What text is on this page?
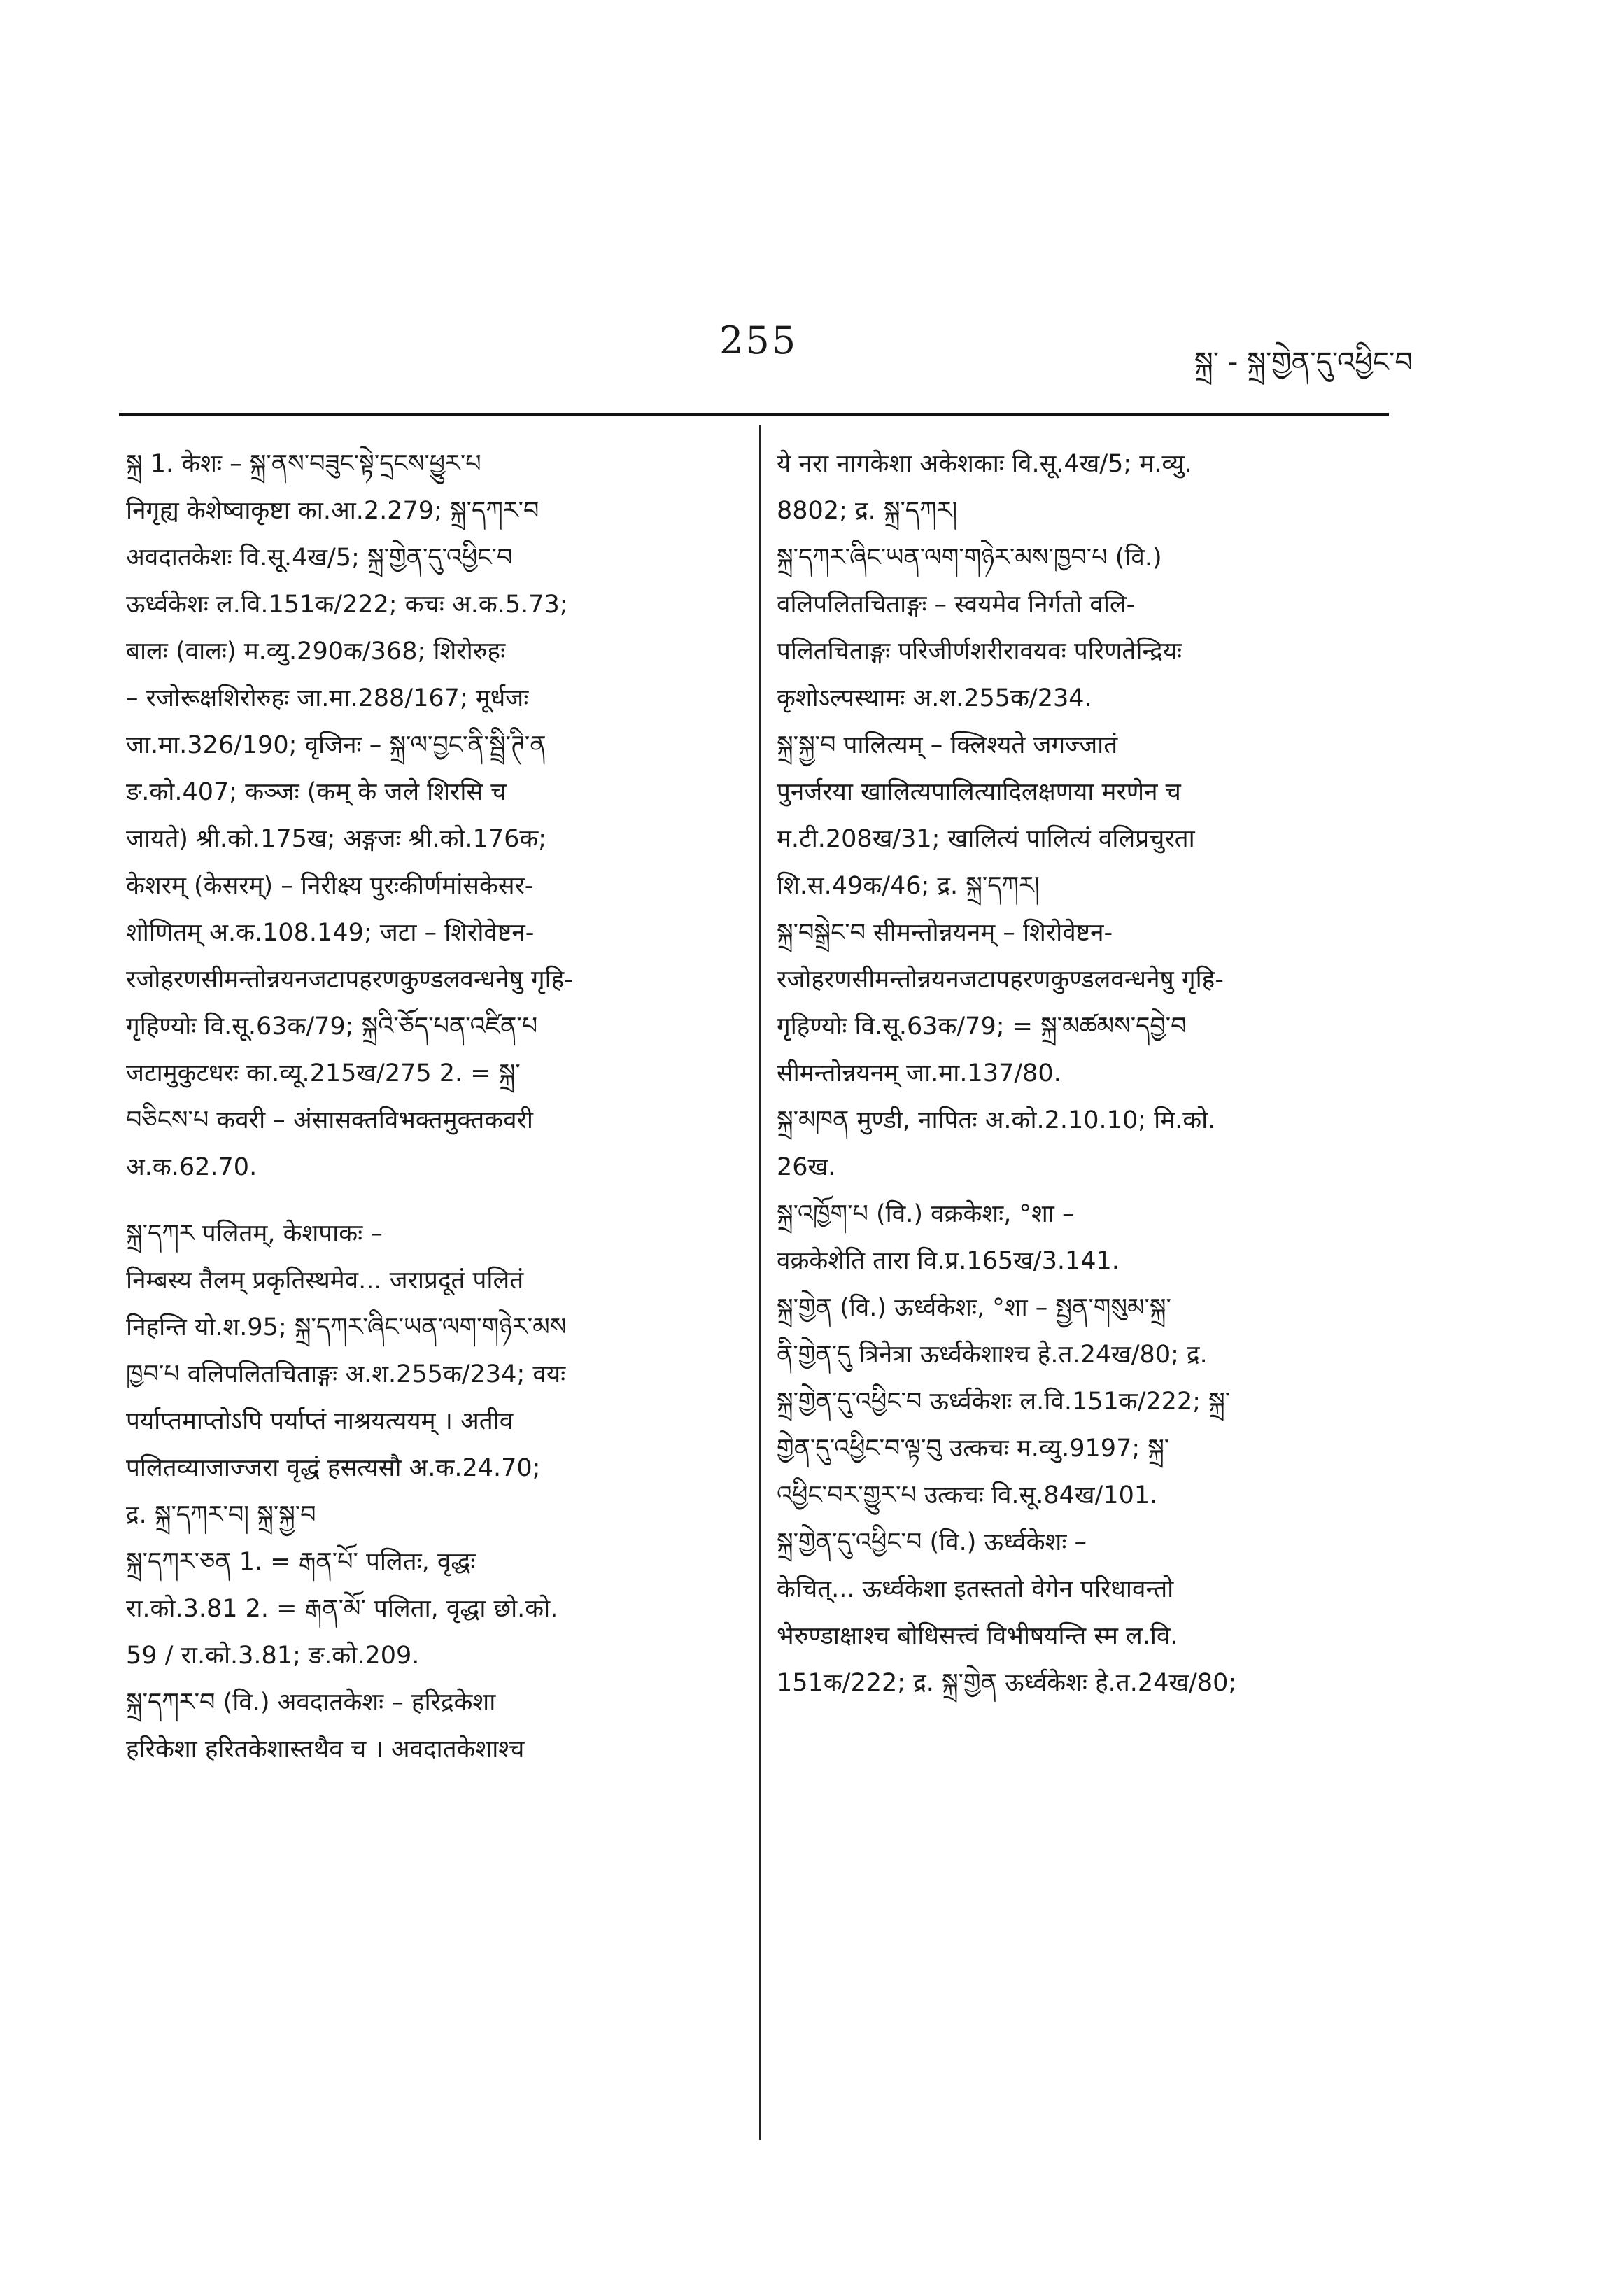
255	སྐྲ་ - སྐྲ་གྱེན་དུ་འཕྱིང་བ
སྐྲ 1. केशः – སྐྲ་ནས་བཟུང་སྟེ་དྲངས་ཕྱུར་པ
निगृह्य केशेष्वाकृष्टा का.आ.2.279; སྐྲ་དཀར་བ
अवदातकेशः वि.सू.4ख/5; སྐྲ་གྱེན་དུ་འཕྱིང་བ
ऊर्ध्वकेशः ल.वि.151क/222; कचः अ.क.5.73;
बालः (वालः) म.व्यु.290क/368; शिरोरुहः
– रजोरूक्षशिरोरुहः जा.मा.288/167; मूर्धजः
जा.मा.326/190; वृजिनः – སྐྲ་ལ་བྱང་ནི་སྦྲི་ཊི་ན
ङ.को.407; कञ्जः (कम् के जले शिरसि च
जायते) श्री.को.175ख; अङ्गजः श्री.को.176क;
केशरम् (केसरम्) – निरीक्ष्य पुरःकीर्णमांसकेसर-
शोणितम् अ.क.108.149; जटा – शिरोवेष्टन-
रजोहरणसीमन्तोन्नयनजटापहरणकुण्डलवन्धनेषु गृहि-
गृहिण्योः वि.सू.63क/79; སྐྲའི་ཅོད་པན་འཛིན་པ
जटामुकुटधरः का.व्यू.215ख/275 2. = སྐྲ་
བཅིངས་པ कवरी – अंसासक्तविभक्तमुक्तकवरी
अ.क.62.70.
སྐྲ་དཀར पलितम्, केशपाकः –
निम्बस्य तैलम् प्रकृतिस्थमेव... जराप्रदूतं पलितं
निहन्ति यो.श.95; སྐྲ་དཀར་ཞིང་ཡན་ལག་གཉེར་མས
ཁྱབ་པ वलिपलितचिताङ्गः अ.श.255क/234; वयः
पर्याप्तमाप्तोऽपि पर्याप्तं नाश्रयत्ययम् । अतीव
पलितव्याजाज्जरा वृद्धं हसत्यसौ अ.क.24.70;
द्र. སྐྲ་དཀར་བ། སྐྲ་སྐྱ་བ
སྐྲ་དཀར་ཅན 1. = རྒན་པོ་ पलितः, वृद्धः
रा.को.3.81 2. = རྒན་མོ་ पलिता, वृद्धा छो.को.
59 / रा.को.3.81; ङ.को.209.
སྐྲ་དཀར་བ (वि.) अवदातकेशः – हरिद्रकेशा
हरिकेशा हरितकेशास्तथैव च । अवदातकेशाश्च
ये नरा नागकेशा अकेशकाः वि.सू.4ख/5; म.व्यु.
8802; द्र. སྐྲ་དཀར།
སྐྲ་དཀར་ཞིང་ཡན་ལག་གཉེར་མས་ཁྱབ་པ (वि.)
वलिपलितचिताङ्गः – स्वयमेव निर्गतो वलि-
पलितचिताङ्गः परिजीर्णशरीरावयवः परिणतेन्द्रियः
कृशोऽल्पस्थामः अ.श.255क/234.
སྐྲ་སྐྱ་བ पालित्यम् – क्लिश्यते जगज्जातं
पुनर्जरया खालित्यपालित्यादिलक्षणया मरणेन च
म.टी.208ख/31; खालित्यं पालित्यं वलिप्रचुरता
शि.स.49क/46; द्र. སྐྲ་དཀར།
སྐྲ་བསྒྲེང་བ सीमन्तोन्नयनम् – शिरोवेष्टन-
रजोहरणसीमन्तोन्नयनजटापहरणकुण्डलवन्धनेषु गृहि-
गृहिण्योः वि.सू.63क/79; = སྐྲ་མཚམས་དབྱེ་བ
सीमन्तोन्नयनम् जा.मा.137/80.
སྐྲ་མཁན मुण्डी, नापितः अ.को.2.10.10; मि.को.
26ख.
སྐྲ་འཁྱོག་པ (वि.) वक्रकेशः, °शा –
वक्रकेशेति तारा वि.प्र.165ख/3.141.
སྐྲ་གྱེན (वि.) ऊर्ध्वकेशः, °शा – སྤྱན་གསུམ་སྐྲ་
ནི་གྱེན་དུ त्रिनेत्रा ऊर्ध्वकेशाश्च हे.त.24ख/80; द्र.
སྐྲ་གྱེན་དུ་འཕྱིང་བ ऊर्ध्वकेशः ल.वि.151क/222; སྐྲ་
གྱེན་དུ་འཕྱིང་བ་ལྟ་བུ उत्कचः म.व्यु.9197; སྐྲ་
འཕྱིང་བར་གྱུར་པ उत्कचः वि.सू.84ख/101.
སྐྲ་གྱེན་དུ་འཕྱིང་བ (वि.) ऊर्ध्वकेशः –
केचित्... ऊर्ध्वकेशा इतस्ततो वेगेन परिधावन्तो
भेरुण्डाक्षाश्च बोधिसत्त्वं विभीषयन्ति स्म ल.वि.
151क/222; द्र. སྐྲ་གྱེན ऊर्ध्वकेशः हे.त.24ख/80;
